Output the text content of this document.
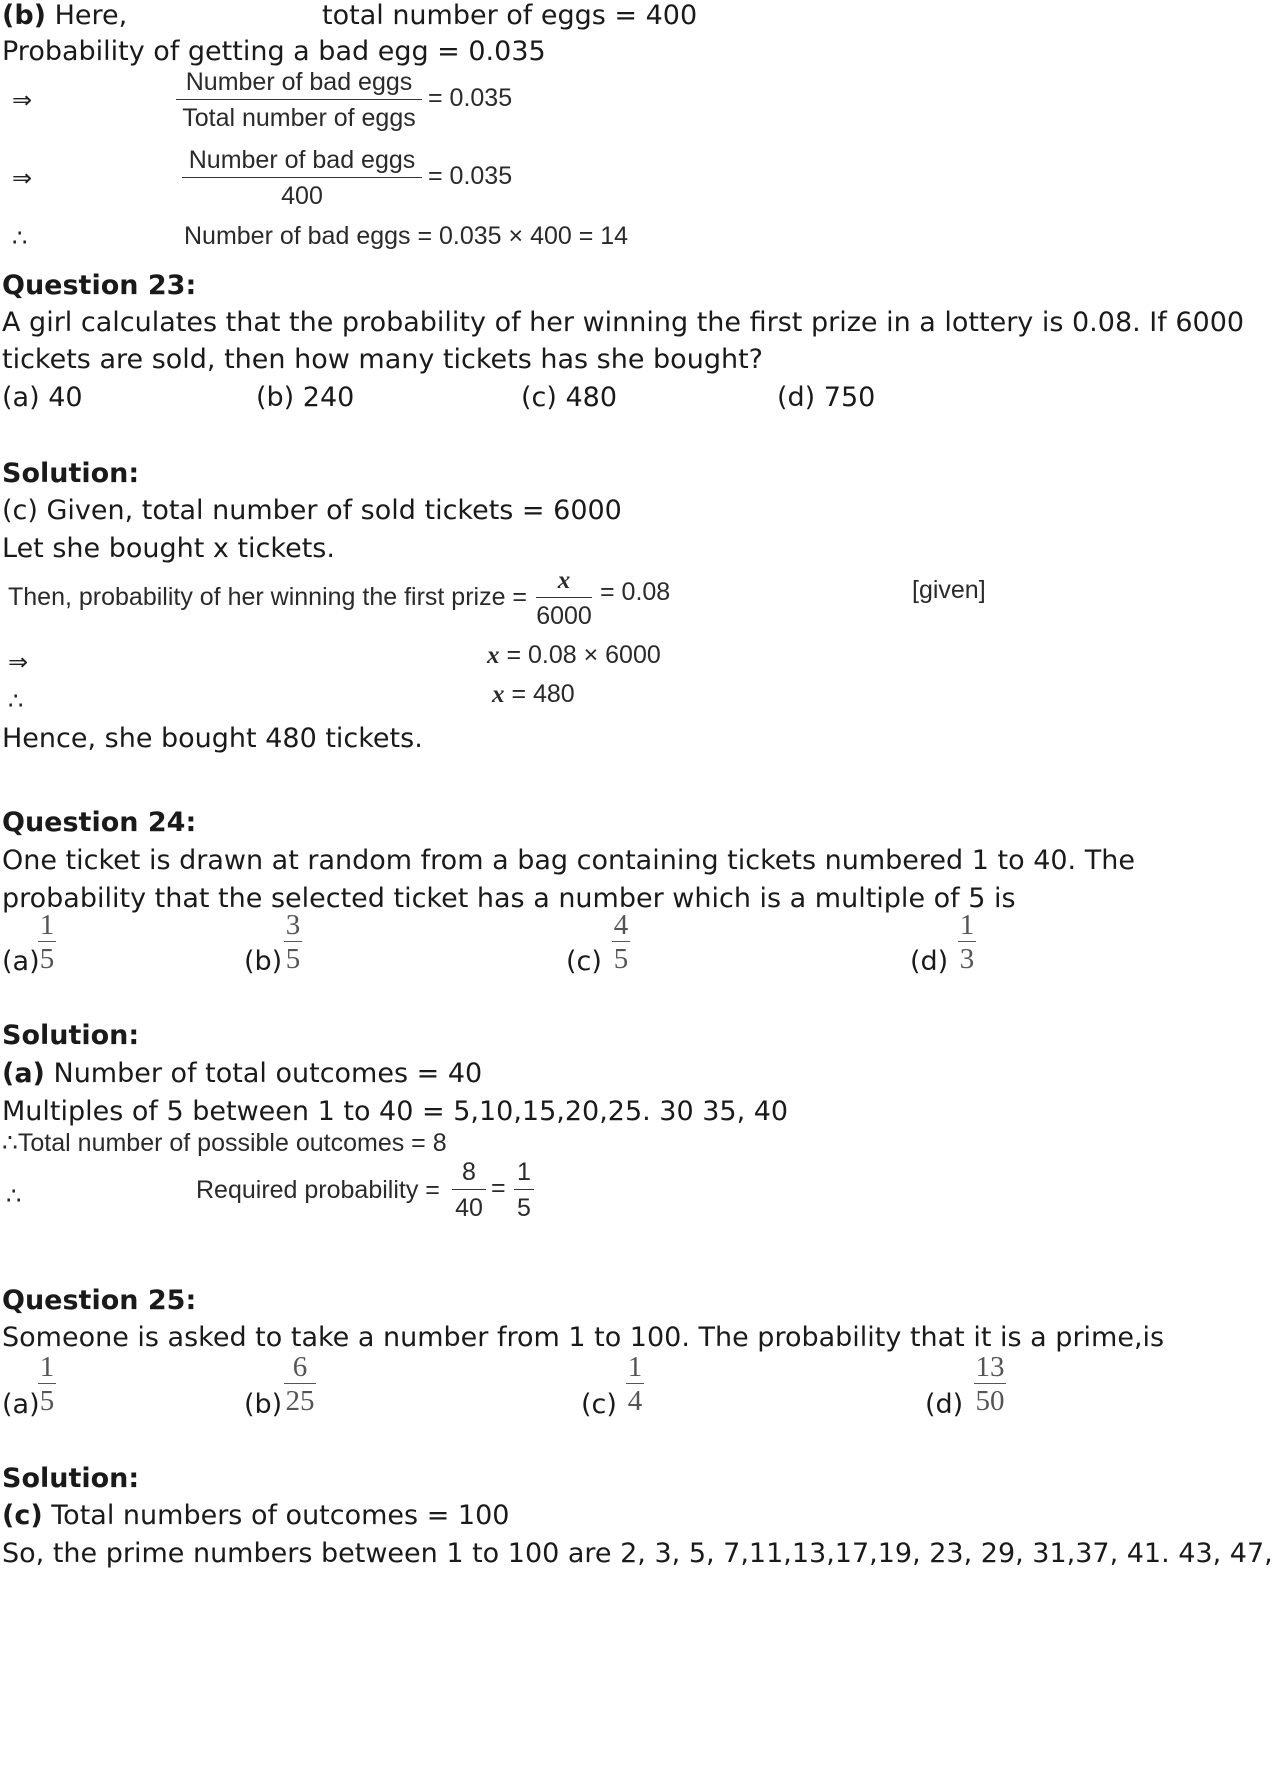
(b) Here,	total number of eggs = 400
Probability of getting a bad egg = 0.035
⇒
Number of bad eggs
Total number of eggs
= 0.035
⇒
Number of bad eggs
400
= 0.035
∴	Number of bad eggs = 0.035 × 400 = 14
Question 23:
A girl calculates that the probability of her winning the first prize in a lottery is 0.08. If 6000
tickets are sold, then how many tickets has she bought?
(a) 40	(b) 240	(c) 480	(d) 750
Solution:
(c) Given, total number of sold tickets = 6000
Let she bought x tickets.
Then, probability of her winning the first prize =
x
6000
= 0.08	[given]
⇒	x = 0.08 × 6000
∴	x = 480
Hence, she bought 480 tickets.
Question 24:
One ticket is drawn at random from a bag containing tickets numbered 1 to 40. The
probability that the selected ticket has a number which is a multiple of 5 is
(a)
1
5	(b)
3
5	(c)
4
5	(d)
1
3
Solution:
(a) Number of total outcomes = 40
Multiples of 5 between 1 to 40 = 5,10,15,20,25. 30 35, 40
∴Total number of possible outcomes = 8
∴	Required probability =
8
40
=
1
5
Question 25:
Someone is asked to take a number from 1 to 100. The probability that it is a prime,is
(a)
1
5	(b)
6
25	(c)
1
4	(d)
13
50
Solution:
(c) Total numbers of outcomes = 100
So, the prime numbers between 1 to 100 are 2, 3, 5, 7,11,13,17,19, 23, 29, 31,37, 41. 43, 47,
